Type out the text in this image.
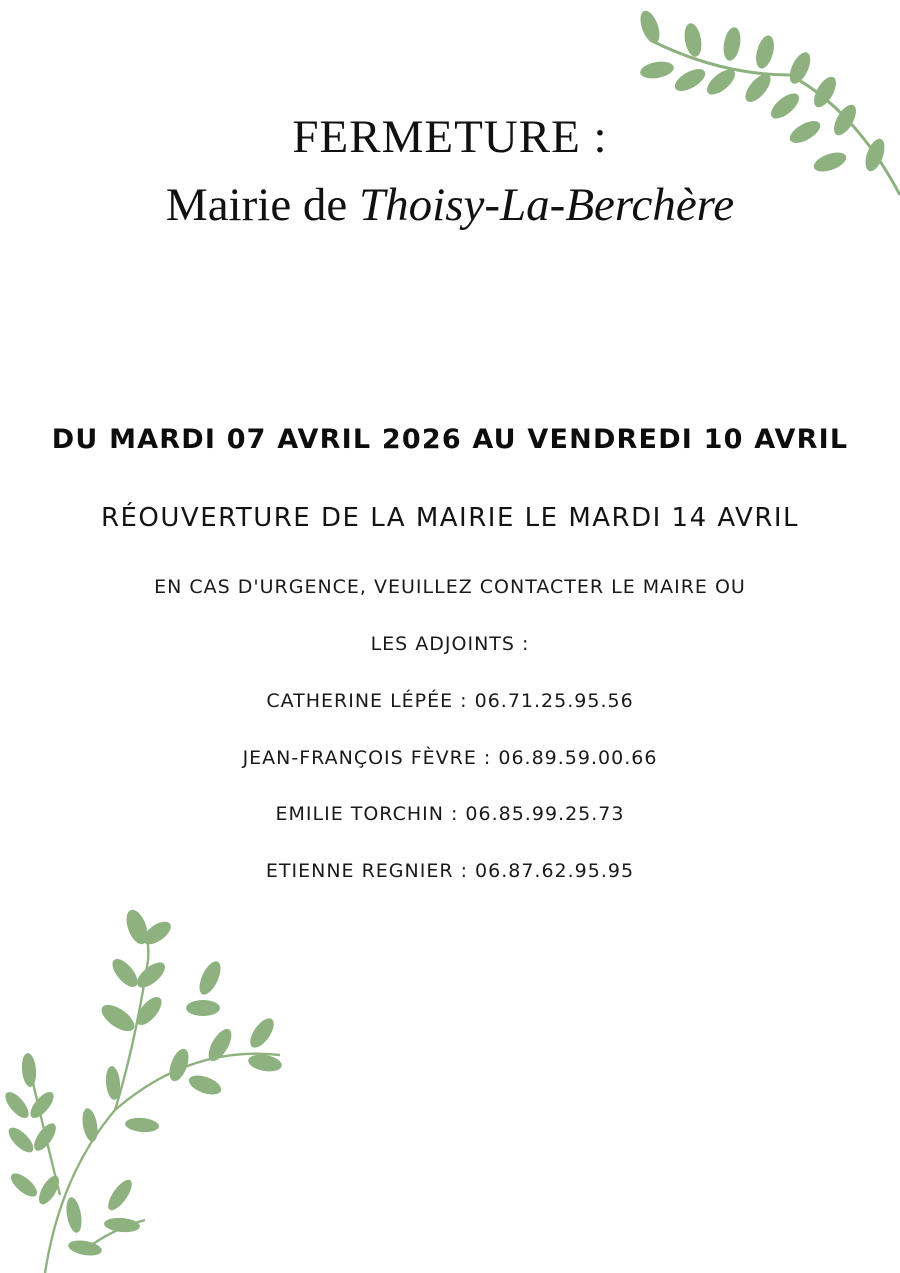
FERMETURE :

Mairie de Thoisy-La-Berchère

DU MARDI 07 AVRIL 2026 AU VENDREDI 10 AVRIL
RÉOUVERTURE DE LA MAIRIE LE MARDI 14 AVRIL
EN CAS D'URGENCE, VEUILLEZ CONTACTER LE MAIRE OU
LES ADJOINTS :
CATHERINE LÉPÉE : 06.71.25.95.56
JEAN-FRANÇOIS FÈVRE : 06.89.59.00.66
EMILIE TORCHIN : 06.85.99.25.73
ETIENNE REGNIER : 06.87.62.95.95
